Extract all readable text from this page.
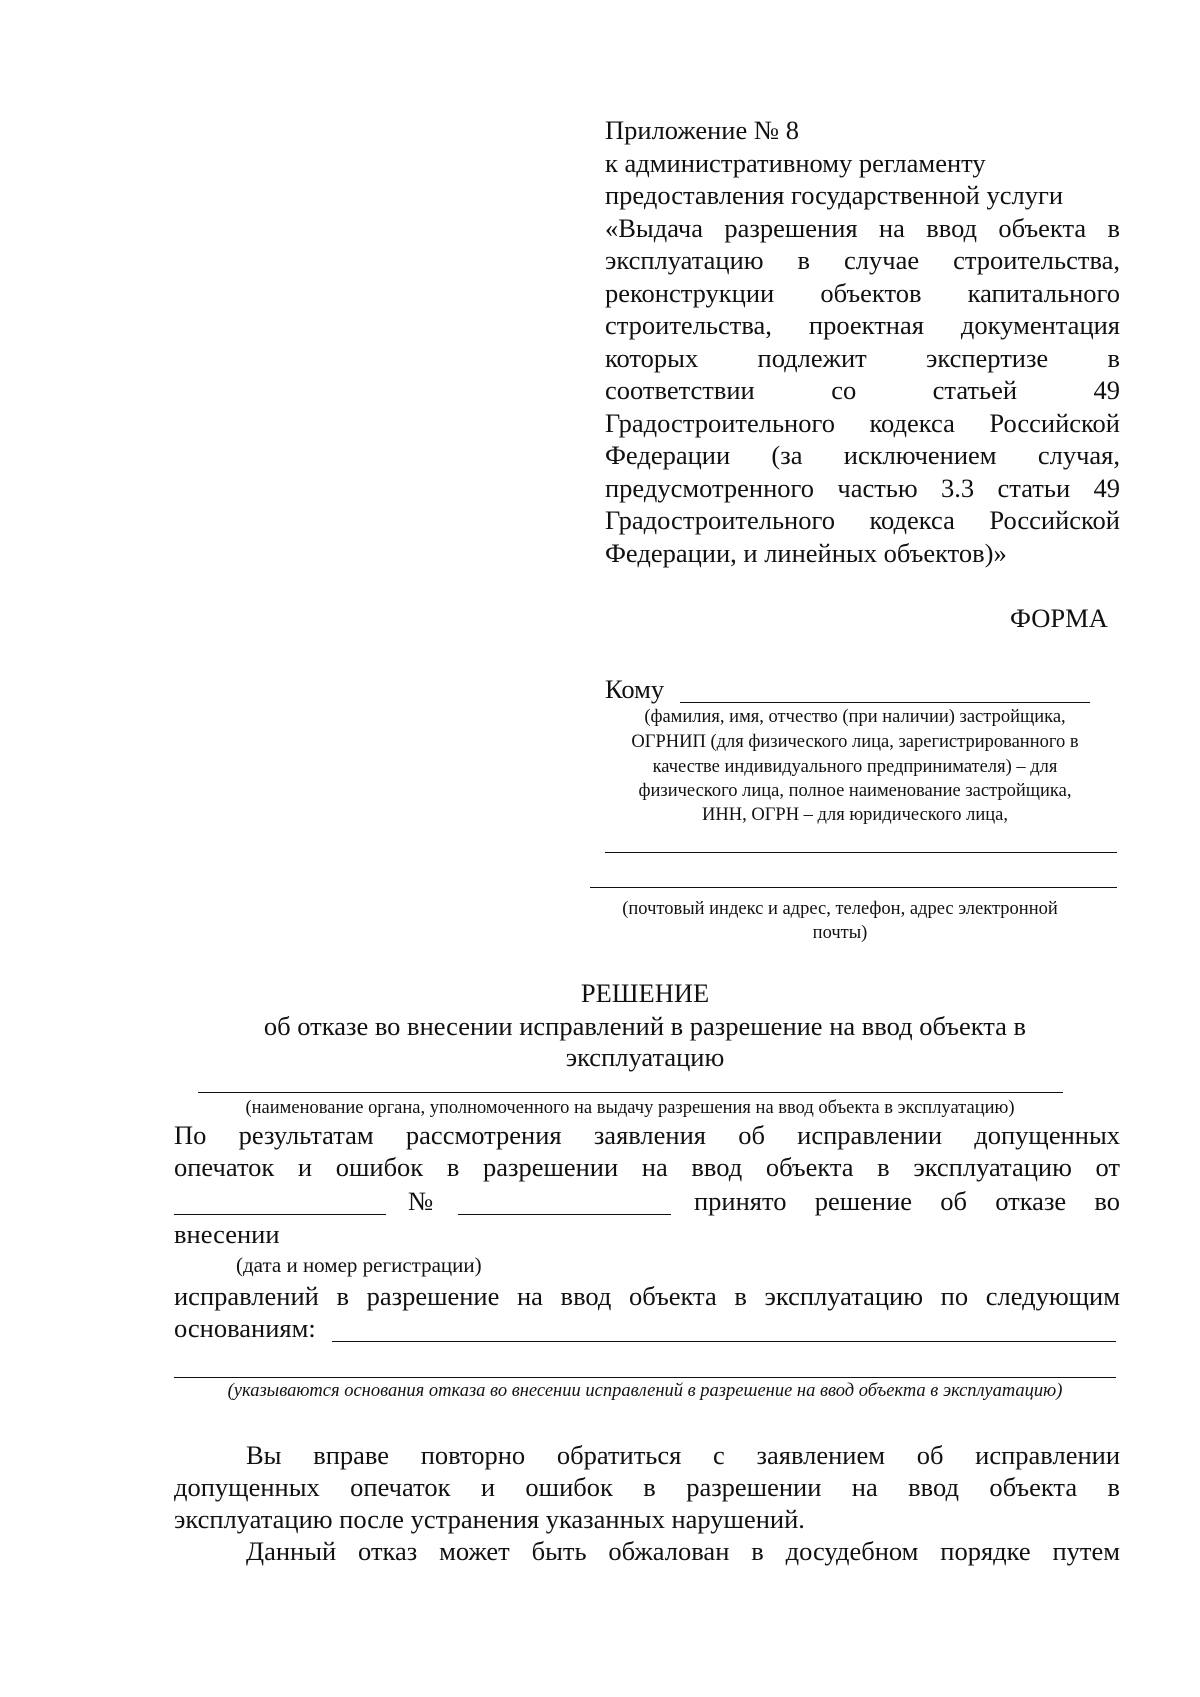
Приложение № 8
к административному регламенту
предоставления государственной услуги
«Выдача разрешения на ввод объекта в
эксплуатацию в случае строительства,
реконструкции объектов капитального
строительства, проектная документация
которых подлежит экспертизе в
соответствии со статьей 49
Градостроительного кодекса Российской
Федерации (за исключением случая,
предусмотренного частью 3.3 статьи 49
Градостроительного кодекса Российской
Федерации, и линейных объектов)»
ФОРМА
Кому
(фамилия, имя, отчество (при наличии) застройщика,
ОГРНИП (для физического лица, зарегистрированного в
качестве индивидуального предпринимателя) – для
физического лица, полное наименование застройщика,
ИНН, ОГРН – для юридического лица,
(почтовый индекс и адрес, телефон, адрес электронной
почты)
РЕШЕНИЕ
об отказе во внесении исправлений в разрешение на ввод объекта в
эксплуатацию
(наименование органа, уполномоченного на выдачу разрешения на ввод объекта в эксплуатацию)
По результатам рассмотрения заявления об исправлении допущенных
опечаток и ошибок в разрешении на ввод объекта в эксплуатацию от
№	принято решение об отказе во
внесении
(дата и номер регистрации)
исправлений в разрешение на ввод объекта в эксплуатацию по следующим
основаниям:
(указываются основания отказа во внесении исправлений в разрешение на ввод объекта в эксплуатацию)
Вы вправе повторно обратиться с заявлением об исправлении
допущенных опечаток и ошибок в разрешении на ввод объекта в
эксплуатацию после устранения указанных нарушений.
Данный отказ может быть обжалован в досудебном порядке путем
